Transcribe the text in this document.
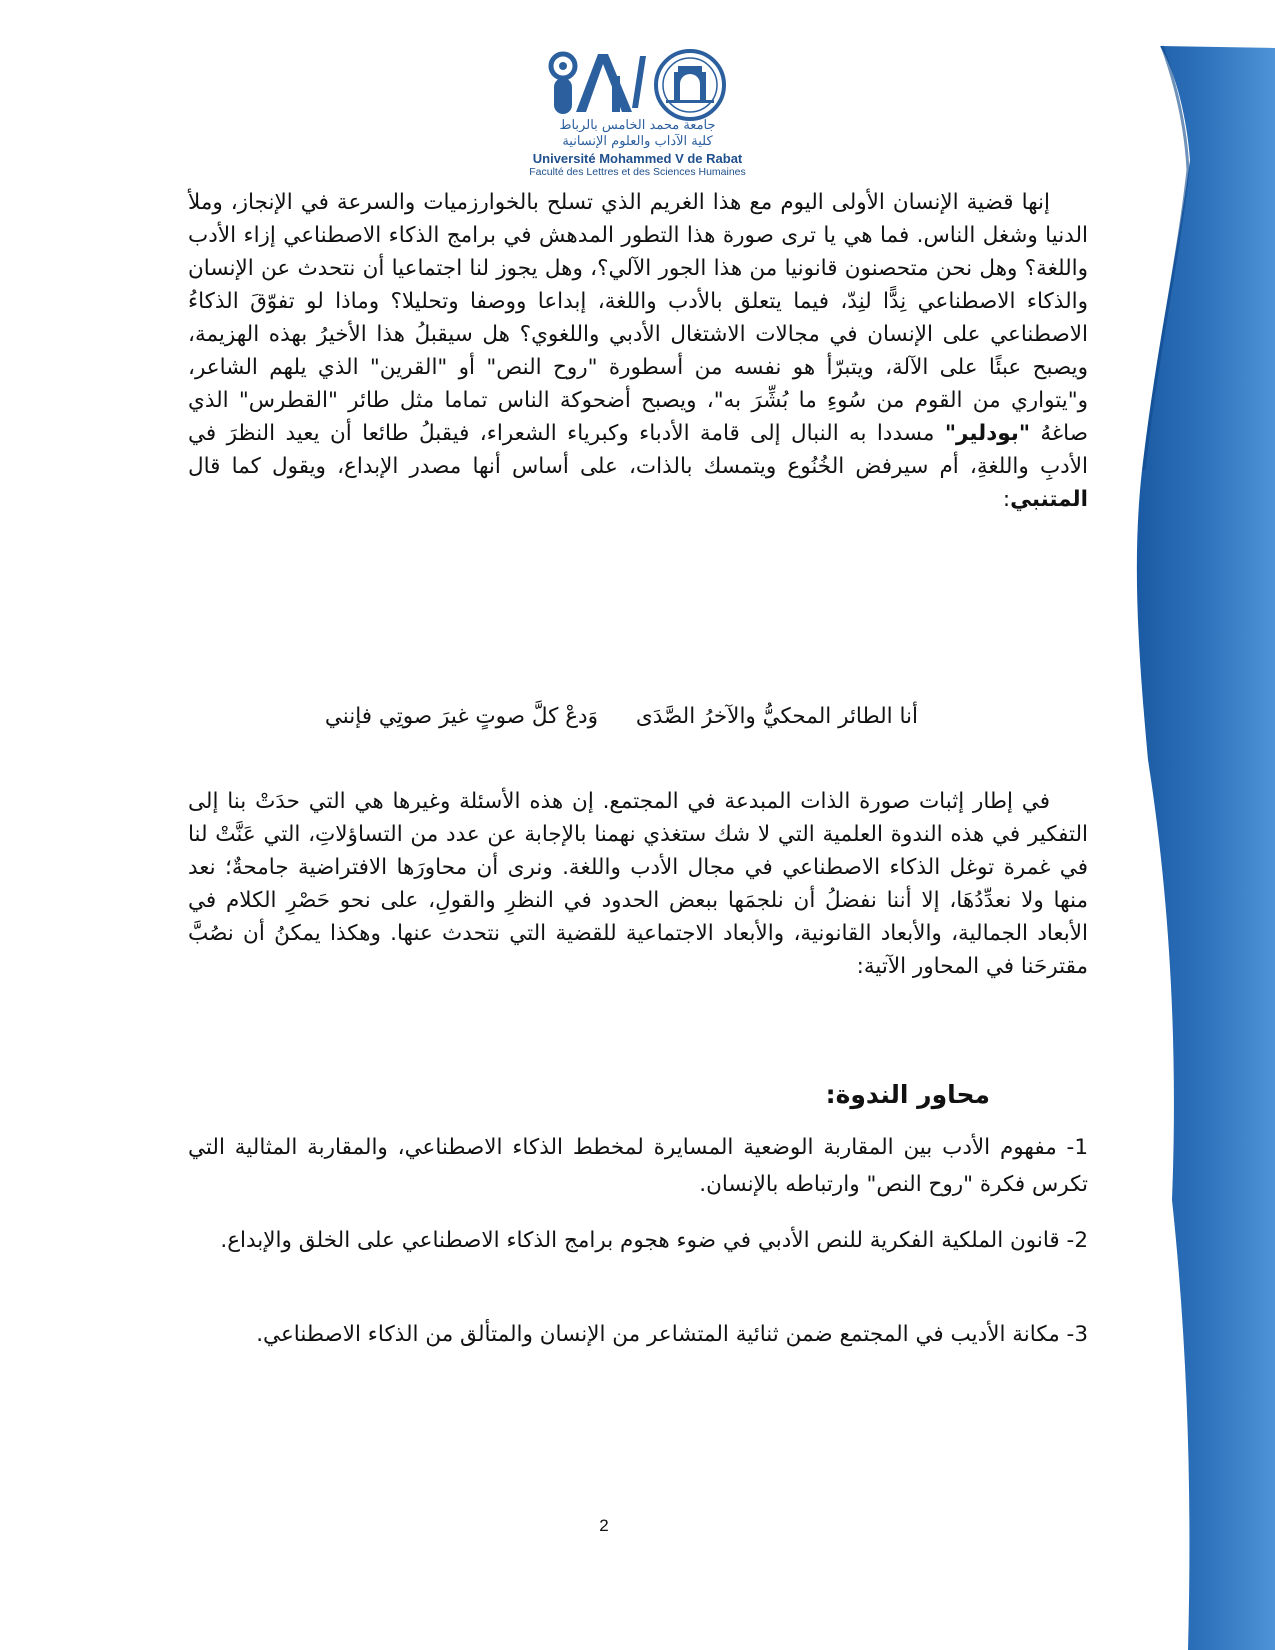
جامعة محمد الخامس بالرباط
كلية الآداب والعلوم الإنسانية
Université Mohammed V de Rabat
Faculté des Lettres et des Sciences Humaines

إنها قضية الإنسان الأولى اليوم مع هذا الغريم الذي تسلح بالخوارزميات والسرعة في الإنجاز، وملأ الدنيا وشغل الناس. فما هي يا ترى صورة هذا التطور المدهش في برامج الذكاء الاصطناعي إزاء الأدب واللغة؟ وهل نحن متحصنون قانونيا من هذا الجور الآلي؟، وهل يجوز لنا اجتماعيا أن نتحدث عن الإنسان والذكاء الاصطناعي نِدًّا لنِدّ، فيما يتعلق بالأدب واللغة، إبداعا ووصفا وتحليلا؟ وماذا لو تفوّقَ الذكاءُ الاصطناعي على الإنسان في مجالات الاشتغال الأدبي واللغوي؟ هل سيقبلُ هذا الأخيرُ بهذه الهزيمة، ويصبح عبئًا على الآلة، ويتبرّأ هو نفسه من أسطورة "روح النص" أو "القرين" الذي يلهم الشاعر، و"يتواري من القوم من سُوءِ ما بُشِّرَ به"، ويصبح أضحوكة الناس تماما مثل طائر "القطرس" الذي صاغهُ "بودلير" مسددا به النبال إلى قامة الأدباء وكبرياء الشعراء، فيقبلُ طائعا أن يعيد النظرَ في الأدبِ واللغةِ، أم سيرفض الخُنُوع ويتمسك بالذات، على أساس أنها مصدر الإبداع، ويقول كما قال المتنبي:

أنا الطائر المحكيُّ والآخرُ الصَّدَى
وَدعْ كلَّ صوتٍ غيرَ صوتِي فإنني

في إطار إثبات صورة الذات المبدعة في المجتمع. إن هذه الأسئلة وغيرها هي التي حدَتْ بنا إلى التفكير في هذه الندوة العلمية التي لا شك ستغذي نهمنا بالإجابة عن عدد من التساؤلاتِ، التي عَنَّتْ لنا في غمرة توغل الذكاء الاصطناعي في مجال الأدب واللغة. ونرى أن محاورَها الافتراضية جامحةٌ؛ نعد منها ولا نعدِّدُهَا، إلا أننا نفضلُ أن نلجمَها ببعض الحدود في النظرِ والقولِ، على نحو حَصْرِ الكلام في الأبعاد الجمالية، والأبعاد القانونية، والأبعاد الاجتماعية للقضية التي نتحدث عنها. وهكذا يمكنُ أن نصُبَّ مقترحَنا في المحاور الآتية:

محاور الندوة:

1- مفهوم الأدب بين المقاربة الوضعية المسايرة لمخطط الذكاء الاصطناعي، والمقاربة المثالية التي تكرس فكرة "روح النص" وارتباطه بالإنسان.

2- قانون الملكية الفكرية للنص الأدبي في ضوء هجوم برامج الذكاء الاصطناعي على الخلق والإبداع.

3- مكانة الأديب في المجتمع ضمن ثنائية المتشاعر من الإنسان والمتألق من الذكاء الاصطناعي.

2
